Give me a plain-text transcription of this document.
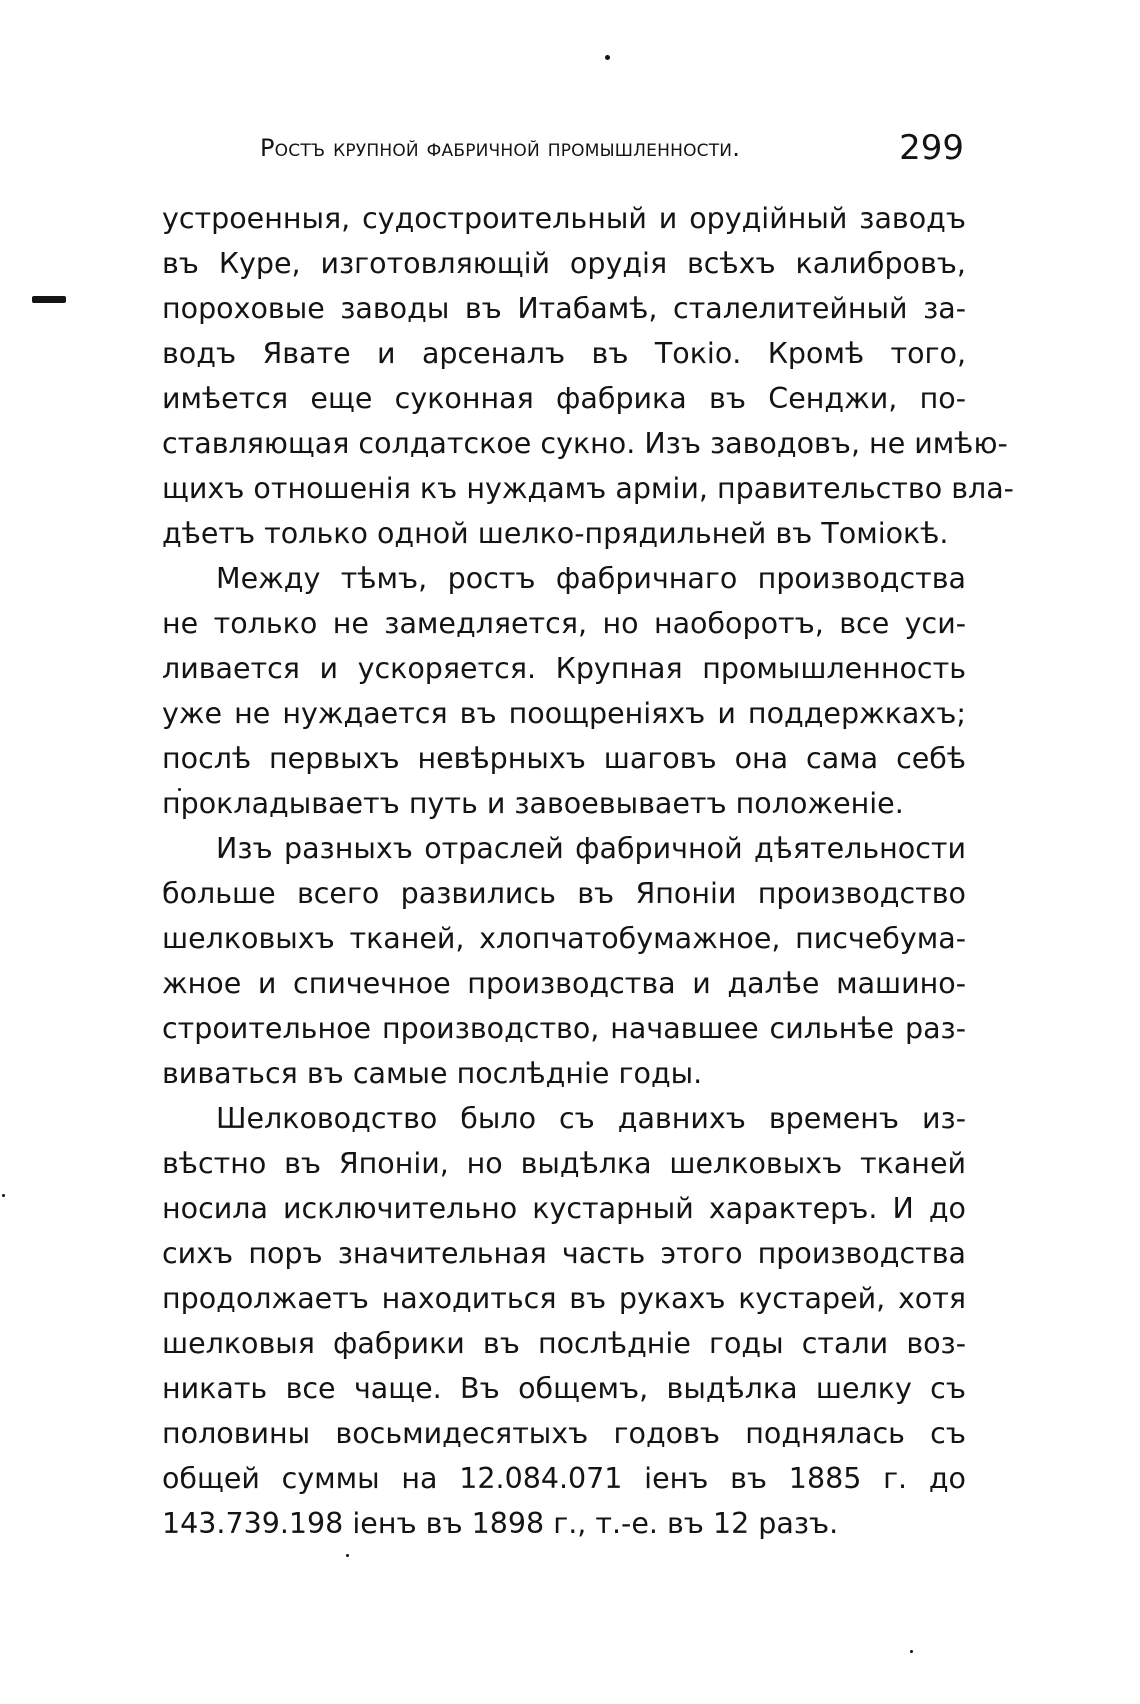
Ростъ крупной фабричной промышленности.	299
устроенныя, судостроительный и орудiйный заводъ
въ Куре, изготовляющiй орудiя всѣхъ калибровъ,
пороховые заводы въ Итабамѣ, сталелитейный за-
водъ Явате и арсеналъ въ Токiо. Кромѣ того,
имѣется еще суконная фабрика въ Сенджи, по-
ставляющая солдатское сукно. Изъ заводовъ, не имѣю-
щихъ отношенiя къ нуждамъ армiи, правительство вла-
дѣетъ только одной шелко-прядильней въ Томiокѣ.
Между тѣмъ, ростъ фабричнаго производства
не только не замедляется, но наоборотъ, все уси-
ливается и ускоряется. Крупная промышленность
уже не нуждается въ поощренiяхъ и поддержкахъ;
послѣ первыхъ невѣрныхъ шаговъ она сама себѣ
прокладываетъ путь и завоевываетъ положенiе.
Изъ разныхъ отраслей фабричной дѣятельности
больше всего развились въ Японiи производство
шелковыхъ тканей, хлопчатобумажное, писчебума-
жное и спичечное производства и далѣе машино-
строительное производство, начавшее сильнѣе раз-
виваться въ самые послѣднiе годы.
Шелководство было съ давнихъ временъ из-
вѣстно въ Японiи, но выдѣлка шелковыхъ тканей
носила исключительно кустарный характеръ. И до
сихъ поръ значительная часть этого производства
продолжаетъ находиться въ рукахъ кустарей, хотя
шелковыя фабрики въ послѣднiе годы стали воз-
никать все чаще. Въ общемъ, выдѣлка шелку съ
половины восьмидесятыхъ годовъ поднялась съ
общей суммы на 12.084.071 iенъ въ 1885 г. до
143.739.198 iенъ въ 1898 г., т.-е. въ 12 разъ.
